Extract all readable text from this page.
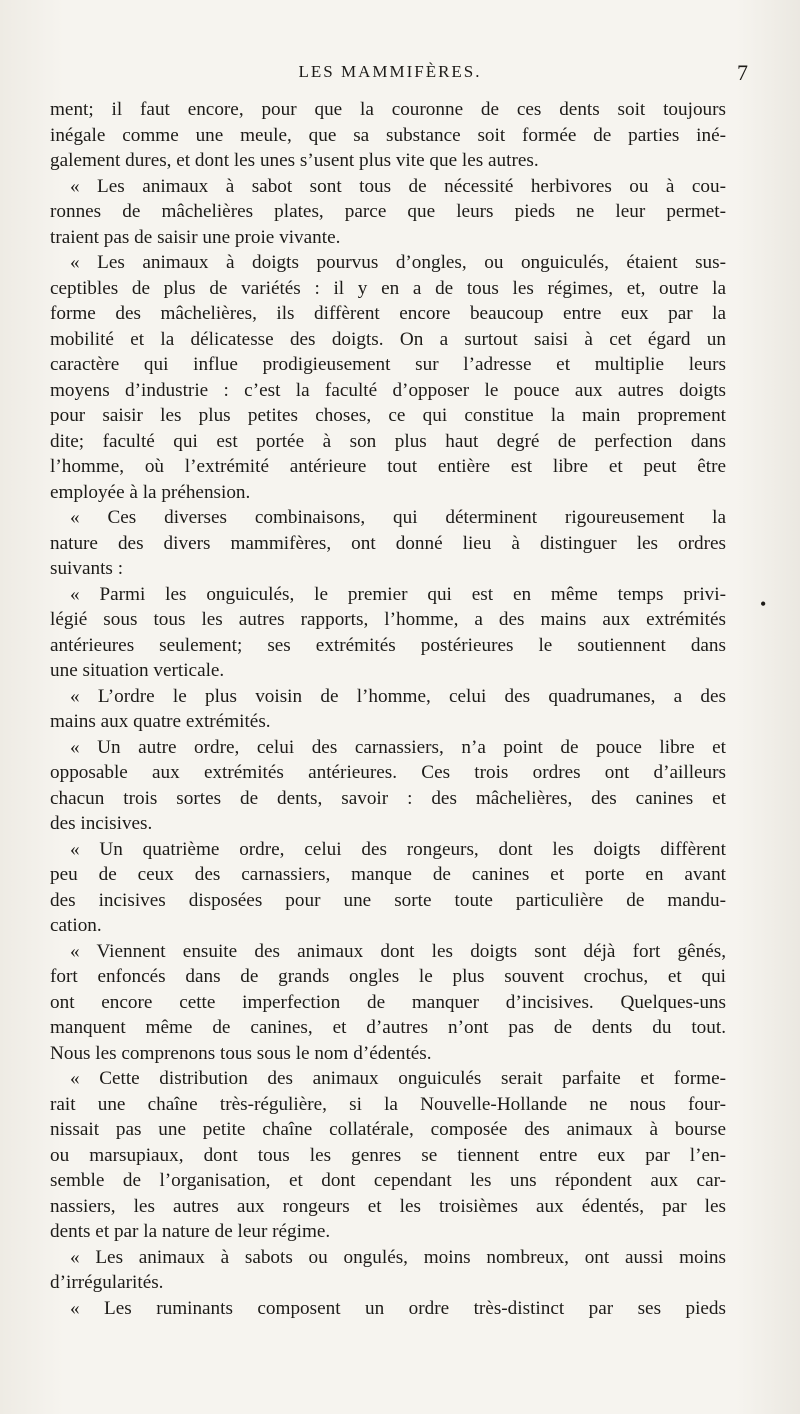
LES MAMMIFÈRES.	7
ment; il faut encore, pour que la couronne de ces dents soit toujours
inégale comme une meule, que sa substance soit formée de parties iné-
galement dures, et dont les unes s’usent plus vite que les autres.
« Les animaux à sabot sont tous de nécessité herbivores ou à cou-
ronnes de mâchelières plates, parce que leurs pieds ne leur permet-
traient pas de saisir une proie vivante.
« Les animaux à doigts pourvus d’ongles, ou onguiculés, étaient sus-
ceptibles de plus de variétés : il y en a de tous les régimes, et, outre la
forme des mâchelières, ils diffèrent encore beaucoup entre eux par la
mobilité et la délicatesse des doigts. On a surtout saisi à cet égard un
caractère qui influe prodigieusement sur l’adresse et multiplie leurs
moyens d’industrie : c’est la faculté d’opposer le pouce aux autres doigts
pour saisir les plus petites choses, ce qui constitue la main proprement
dite; faculté qui est portée à son plus haut degré de perfection dans
l’homme, où l’extrémité antérieure tout entière est libre et peut être
employée à la préhension.
« Ces diverses combinaisons, qui déterminent rigoureusement la
nature des divers mammifères, ont donné lieu à distinguer les ordres
suivants :
« Parmi les onguiculés, le premier qui est en même temps privi-
légié sous tous les autres rapports, l’homme, a des mains aux extrémités
antérieures seulement; ses extrémités postérieures le soutiennent dans
une situation verticale.
« L’ordre le plus voisin de l’homme, celui des quadrumanes, a des
mains aux quatre extrémités.
« Un autre ordre, celui des carnassiers, n’a point de pouce libre et
opposable aux extrémités antérieures. Ces trois ordres ont d’ailleurs
chacun trois sortes de dents, savoir : des mâchelières, des canines et
des incisives.
« Un quatrième ordre, celui des rongeurs, dont les doigts diffèrent
peu de ceux des carnassiers, manque de canines et porte en avant
des incisives disposées pour une sorte toute particulière de mandu-
cation.
« Viennent ensuite des animaux dont les doigts sont déjà fort gênés,
fort enfoncés dans de grands ongles le plus souvent crochus, et qui
ont encore cette imperfection de manquer d’incisives. Quelques-uns
manquent même de canines, et d’autres n’ont pas de dents du tout.
Nous les comprenons tous sous le nom d’édentés.
« Cette distribution des animaux onguiculés serait parfaite et forme-
rait une chaîne très-régulière, si la Nouvelle-Hollande ne nous four-
nissait pas une petite chaîne collatérale, composée des animaux à bourse
ou marsupiaux, dont tous les genres se tiennent entre eux par l’en-
semble de l’organisation, et dont cependant les uns répondent aux car-
nassiers, les autres aux rongeurs et les troisièmes aux édentés, par les
dents et par la nature de leur régime.
« Les animaux à sabots ou ongulés, moins nombreux, ont aussi moins
d’irrégularités.
« Les ruminants composent un ordre très-distinct par ses pieds
•
